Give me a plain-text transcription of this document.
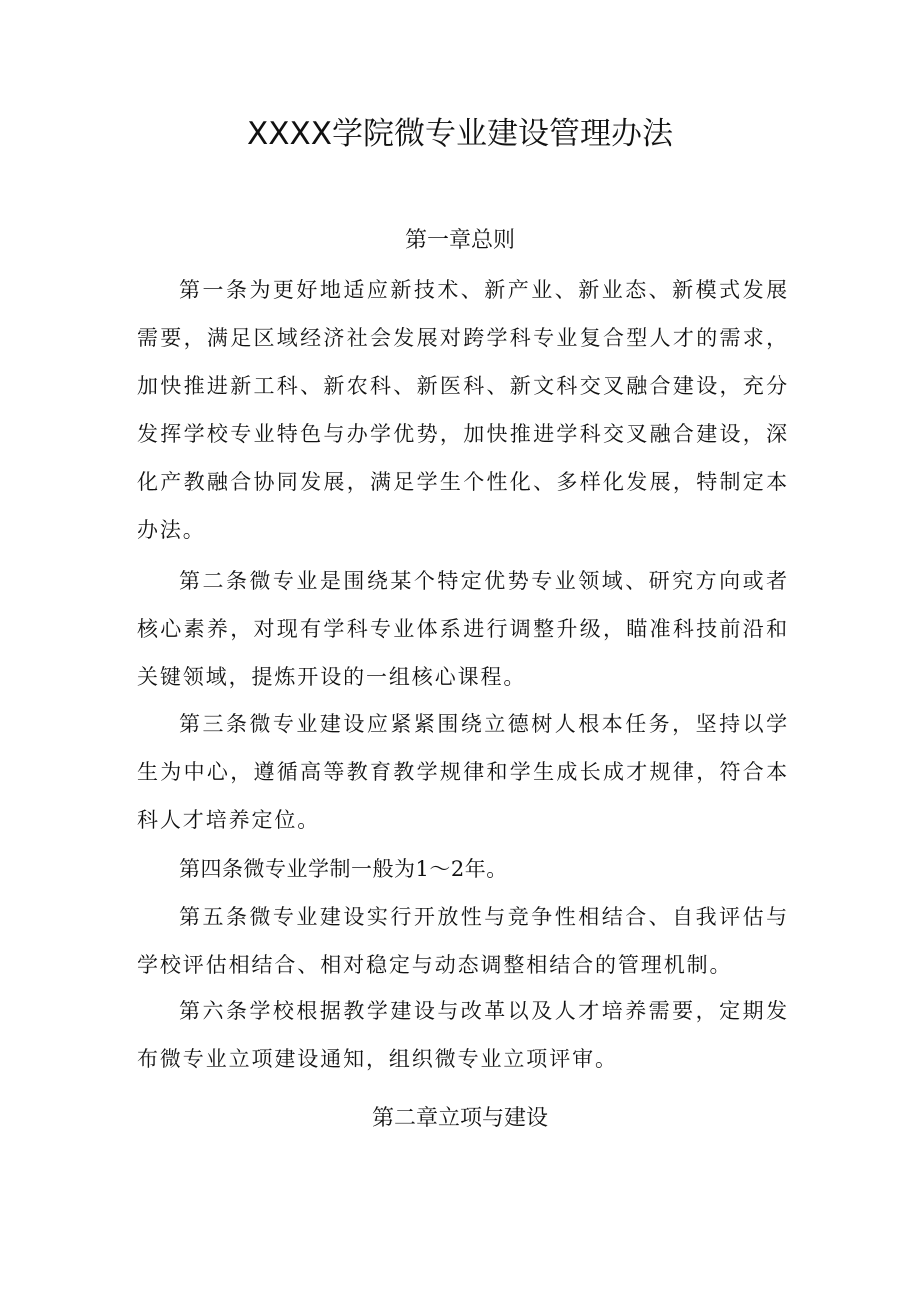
XXXX学院微专业建设管理办法
第一章总则

第一条为更好地适应新技术、新产业、新业态、新模式发展需要，满足区域经济社会发展对跨学科专业复合型人才的需求，加快推进新工科、新农科、新医科、新文科交叉融合建设，充分发挥学校专业特色与办学优势，加快推进学科交叉融合建设，深化产教融合协同发展，满足学生个性化、多样化发展，特制定本办法。

第二条微专业是围绕某个特定优势专业领域、研究方向或者核心素养，对现有学科专业体系进行调整升级，瞄准科技前沿和关键领域，提炼开设的一组核心课程。

第三条微专业建设应紧紧围绕立德树人根本任务，坚持以学生为中心，遵循高等教育教学规律和学生成长成才规律，符合本科人才培养定位。

第四条微专业学制一般为1～2年。

第五条微专业建设实行开放性与竞争性相结合、自我评估与学校评估相结合、相对稳定与动态调整相结合的管理机制。

第六条学校根据教学建设与改革以及人才培养需要，定期发布微专业立项建设通知，组织微专业立项评审。

第二章立项与建设
